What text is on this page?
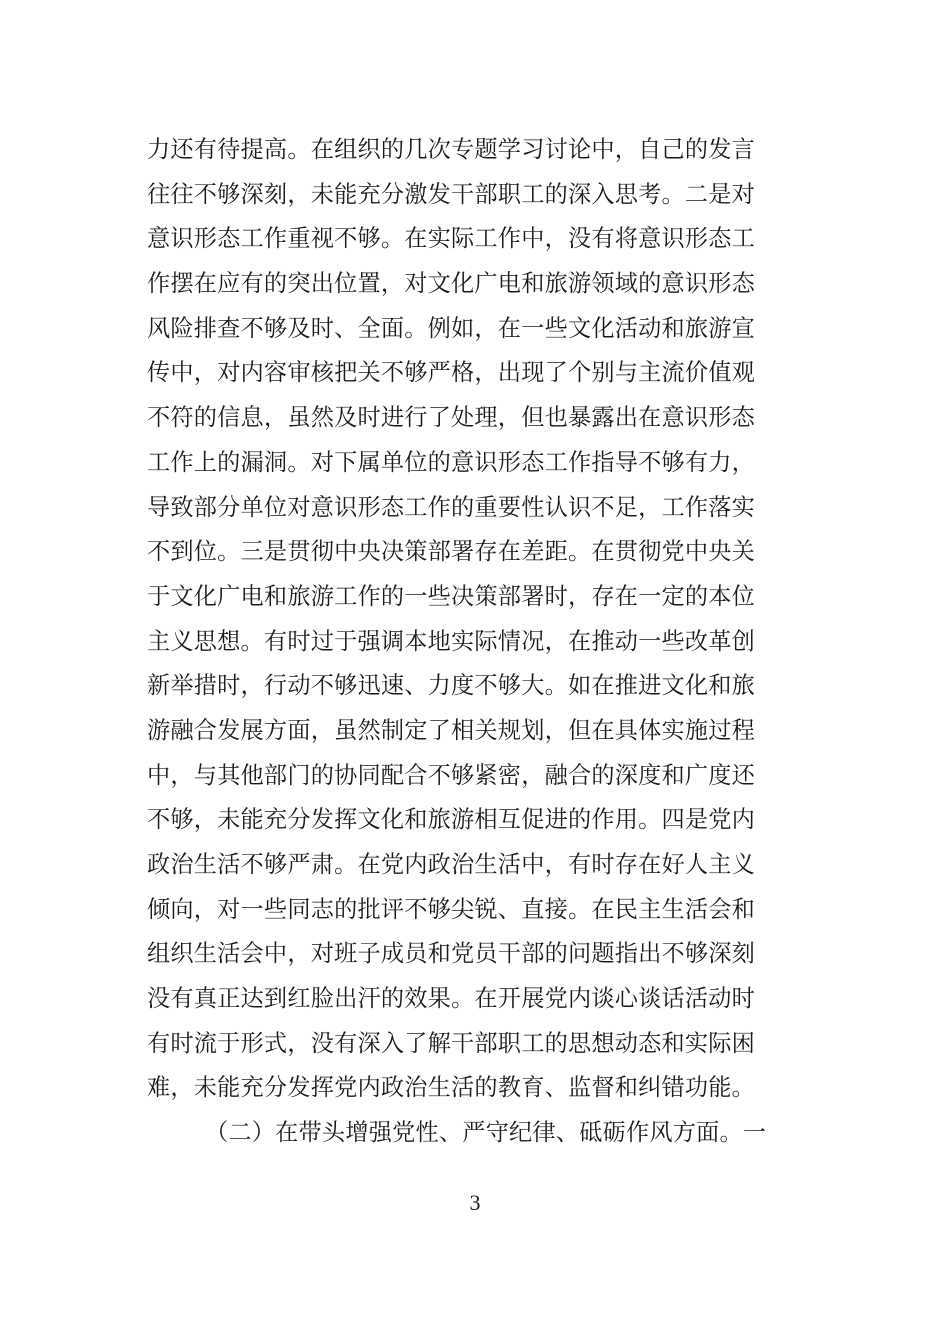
力还有待提高。在组织的几次专题学习讨论中，自己的发言
往往不够深刻，未能充分激发干部职工的深入思考。二是对
意识形态工作重视不够。在实际工作中，没有将意识形态工
作摆在应有的突出位置，对文化广电和旅游领域的意识形态
风险排查不够及时、全面。例如，在一些文化活动和旅游宣
传中，对内容审核把关不够严格，出现了个别与主流价值观
不符的信息，虽然及时进行了处理，但也暴露出在意识形态
工作上的漏洞。对下属单位的意识形态工作指导不够有力，
导致部分单位对意识形态工作的重要性认识不足，工作落实
不到位。三是贯彻中央决策部署存在差距。在贯彻党中央关
于文化广电和旅游工作的一些决策部署时，存在一定的本位
主义思想。有时过于强调本地实际情况，在推动一些改革创
新举措时，行动不够迅速、力度不够大。如在推进文化和旅
游融合发展方面，虽然制定了相关规划，但在具体实施过程
中，与其他部门的协同配合不够紧密，融合的深度和广度还
不够，未能充分发挥文化和旅游相互促进的作用。四是党内
政治生活不够严肃。在党内政治生活中，有时存在好人主义
倾向，对一些同志的批评不够尖锐、直接。在民主生活会和
组织生活会中，对班子成员和党员干部的问题指出不够深刻
没有真正达到红脸出汗的效果。在开展党内谈心谈话活动时
有时流于形式，没有深入了解干部职工的思想动态和实际困
难，未能充分发挥党内政治生活的教育、监督和纠错功能。
（二）在带头增强党性、严守纪律、砥砺作风方面。一
3
